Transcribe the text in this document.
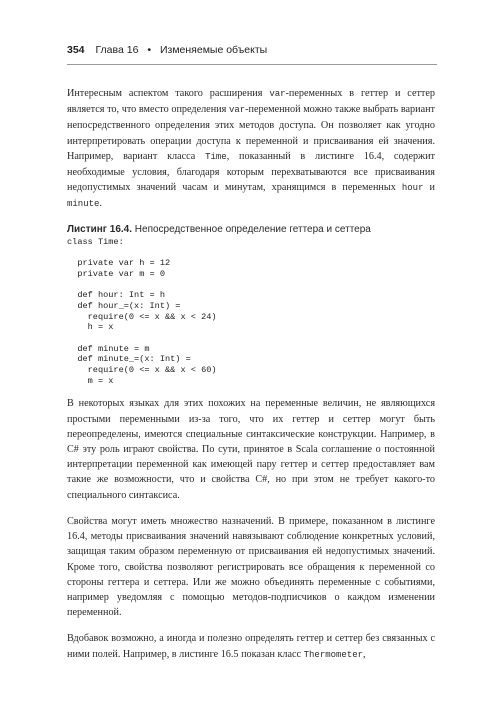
354 Глава 16 • Изменяемые объекты

Интересным аспектом такого расширения var-переменных в геттер и сеттер является то, что вместо определения var-переменной можно также выбрать вариант непосредственного определения этих методов доступа. Он позволяет как угодно интерпретировать операции доступа к переменной и присваивания ей значения. Например, вариант класса Time, показанный в листинге 16.4, содержит необходимые условия, благодаря которым перехватываются все присваивания недопустимых значений часам и минутам, хранящимся в переменных hour и minute.

Листинг 16.4. Непосредственное определение геттера и сеттера
class Time:

private var h = 12
private var m = 0

def hour: Int = h
def hour_=(x: Int) =
require(0 <= x && x < 24)
h = x

def minute = m
def minute_=(x: Int) =
require(0 <= x && x < 60)
m = x

В некоторых языках для этих похожих на переменные величин, не являющихся простыми переменными из-за того, что их геттер и сеттер могут быть переопределены, имеются специальные синтаксические конструкции. Например, в C# эту роль играют свойства. По сути, принятое в Scala соглашение о постоянной интерпретации переменной как имеющей пару геттер и сеттер предоставляет вам такие же возможности, что и свойства C#, но при этом не требует какого-то специального синтаксиса.

Свойства могут иметь множество назначений. В примере, показанном в листинге 16.4, методы присваивания значений навязывают соблюдение конкретных условий, защищая таким образом переменную от присваивания ей недопустимых значений. Кроме того, свойства позволяют регистрировать все обращения к переменной со стороны геттера и сеттера. Или же можно объединять переменные с событиями, например уведомляя с помощью методов-подписчиков о каждом изменении переменной.

Вдобавок возможно, а иногда и полезно определять геттер и сеттер без связанных с ними полей. Например, в листинге 16.5 показан класс Thermometer,
